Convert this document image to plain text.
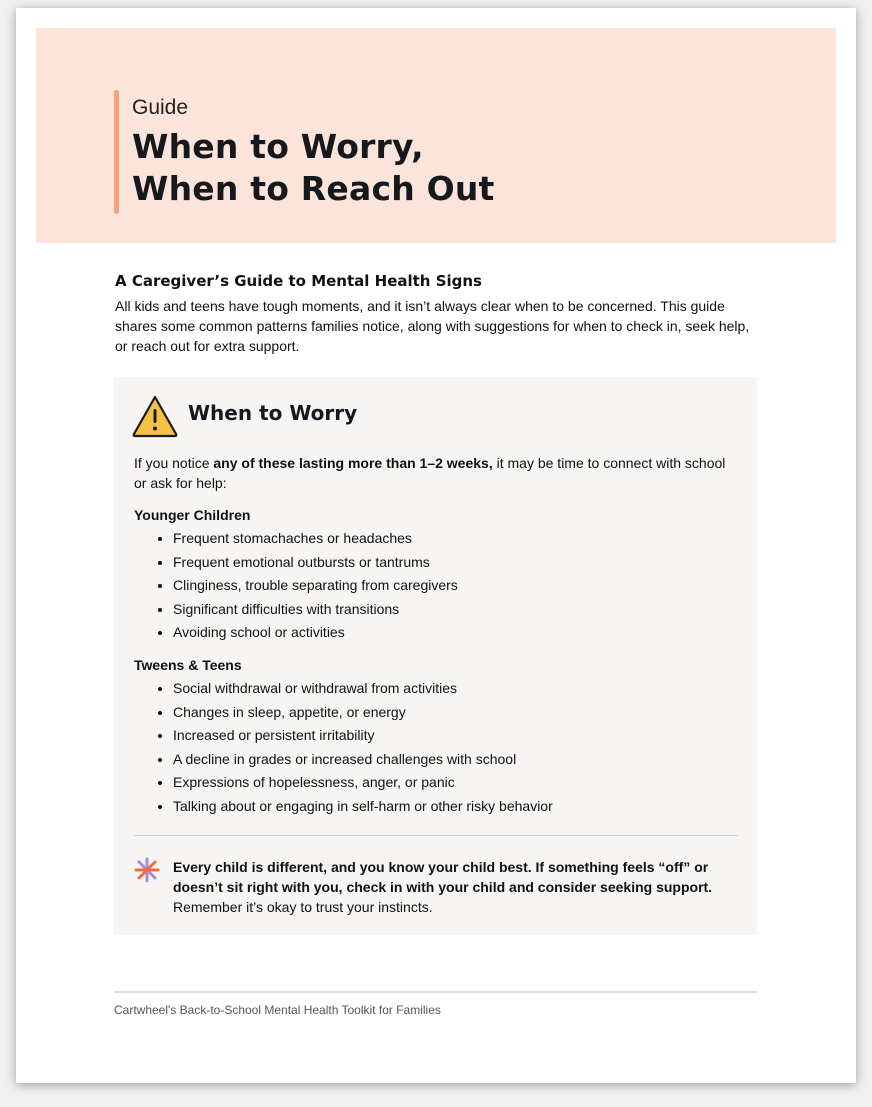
Guide
When to Worry,
When to Reach Out
A Caregiver’s Guide to Mental Health Signs
All kids and teens have tough moments, and it isn’t always clear when to be concerned. This guide shares some common patterns families notice, along with suggestions for when to check in, seek help, or reach out for extra support.
When to Worry
If you notice any of these lasting more than 1–2 weeks, it may be time to connect with school or ask for help:
Younger Children
• Frequent stomachaches or headaches
• Frequent emotional outbursts or tantrums
• Clinginess, trouble separating from caregivers
• Significant difficulties with transitions
• Avoiding school or activities
Tweens & Teens
• Social withdrawal or withdrawal from activities
• Changes in sleep, appetite, or energy
• Increased or persistent irritability
• A decline in grades or increased challenges with school
• Expressions of hopelessness, anger, or panic
• Talking about or engaging in self-harm or other risky behavior
Every child is different, and you know your child best. If something feels “off” or doesn’t sit right with you, check in with your child and consider seeking support. Remember it’s okay to trust your instincts.
Cartwheel's Back-to-School Mental Health Toolkit for Families
